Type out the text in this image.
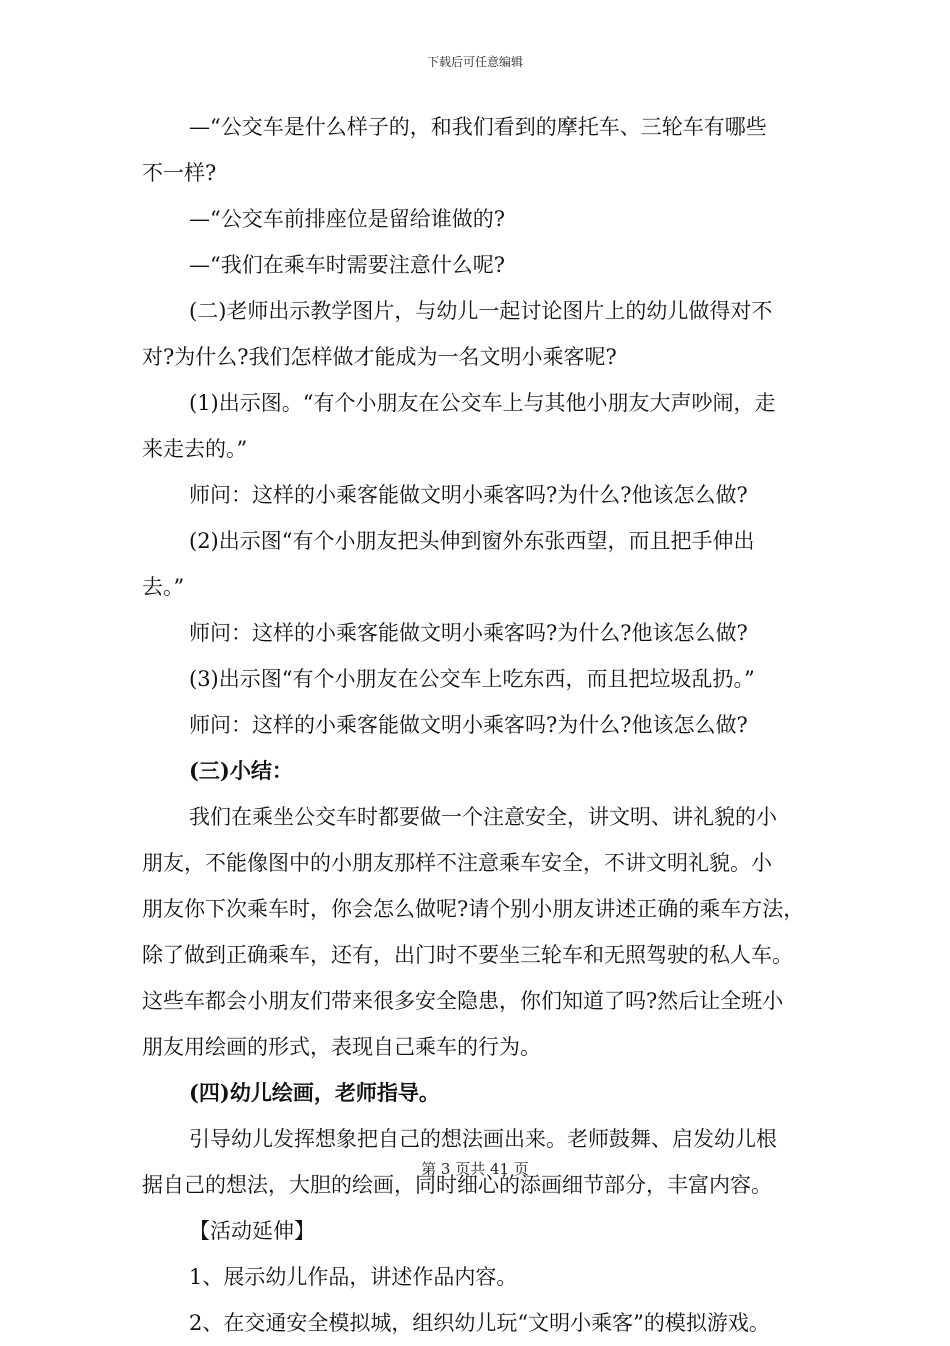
下载后可任意编辑

—“公交车是什么样子的，和我们看到的摩托车、三轮车有哪些

不一样?

—“公交车前排座位是留给谁做的?

—“我们在乘车时需要注意什么呢?

(二)老师出示教学图片，与幼儿一起讨论图片上的幼儿做得对不

对?为什么?我们怎样做才能成为一名文明小乘客呢?

(1)出示图。“有个小朋友在公交车上与其他小朋友大声吵闹，走

来走去的。”

师问：这样的小乘客能做文明小乘客吗?为什么?他该怎么做?

(2)出示图“有个小朋友把头伸到窗外东张西望，而且把手伸出

去。”

师问：这样的小乘客能做文明小乘客吗?为什么?他该怎么做?

(3)出示图“有个小朋友在公交车上吃东西，而且把垃圾乱扔。”

师问：这样的小乘客能做文明小乘客吗?为什么?他该怎么做?

(三)小结：

我们在乘坐公交车时都要做一个注意安全，讲文明、讲礼貌的小

朋友，不能像图中的小朋友那样不注意乘车安全，不讲文明礼貌。小

朋友你下次乘车时，你会怎么做呢?请个别小朋友讲述正确的乘车方法，

除了做到正确乘车，还有，出门时不要坐三轮车和无照驾驶的私人车。

这些车都会小朋友们带来很多安全隐患，你们知道了吗?然后让全班小

朋友用绘画的形式，表现自己乘车的行为。

(四)幼儿绘画，老师指导。

引导幼儿发挥想象把自己的想法画出来。老师鼓舞、启发幼儿根

据自己的想法，大胆的绘画，同时细心的添画细节部分，丰富内容。

【活动延伸】

1、展示幼儿作品，讲述作品内容。

2、在交通安全模拟城，组织幼儿玩“文明小乘客”的模拟游戏。

第 3 页共 41 页
